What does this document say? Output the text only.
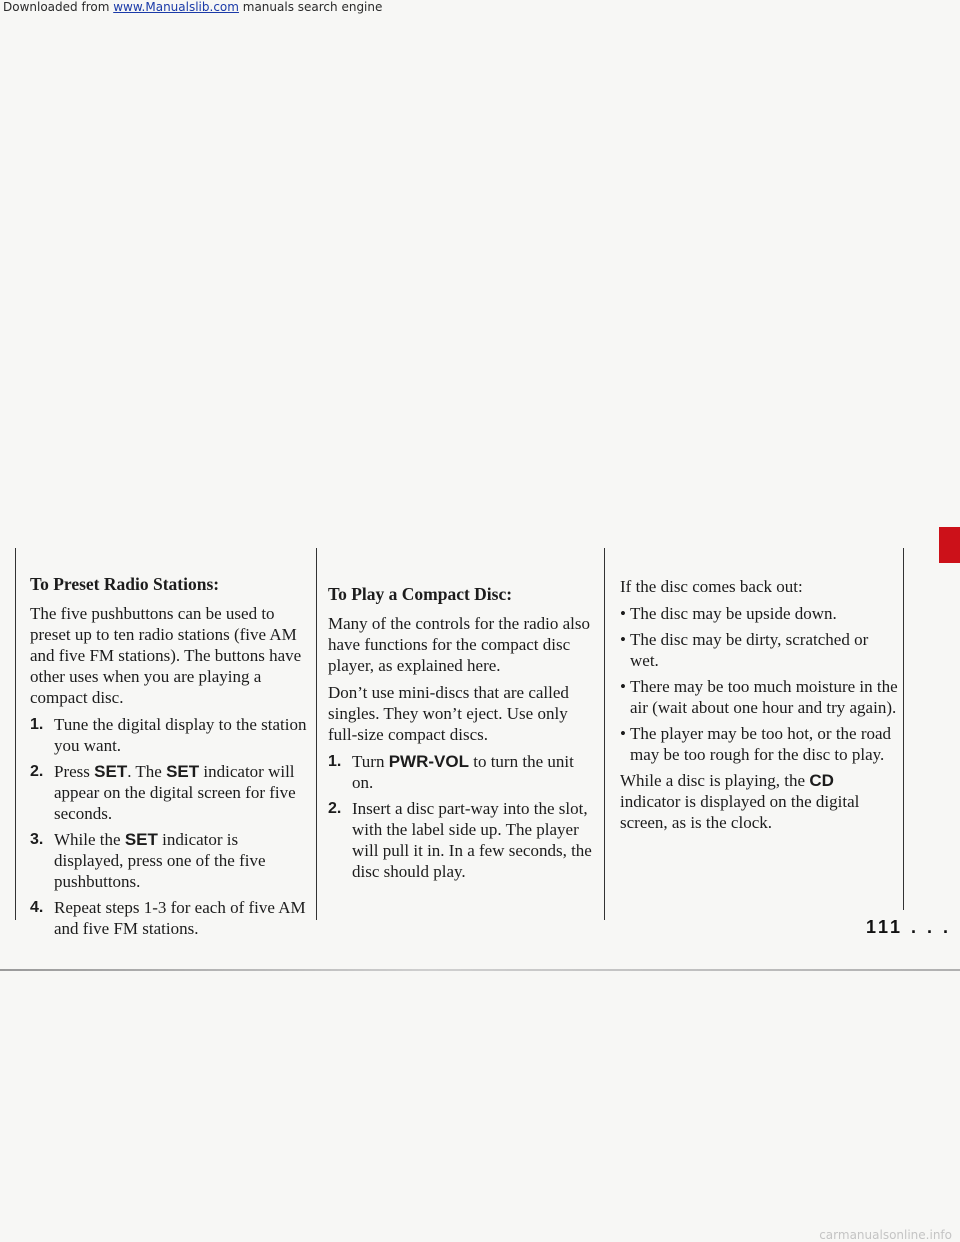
Downloaded from www.Manualslib.com manuals search engine

To Preset Radio Stations:

The five pushbuttons can be used to preset up to ten radio stations (five AM and five FM stations). The buttons have other uses when you are playing a compact disc.

1. Tune the digital display to the station you want.
2. Press SET. The SET indicator will appear on the digital screen for five seconds.
3. While the SET indicator is displayed, press one of the five pushbuttons.
4. Repeat steps 1-3 for each of five AM and five FM stations.

To Play a Compact Disc:

Many of the controls for the radio also have functions for the compact disc player, as explained here.

Don’t use mini-discs that are called singles. They won’t eject. Use only full-size compact discs.

1. Turn PWR-VOL to turn the unit on.
2. Insert a disc part-way into the slot, with the label side up. The player will pull it in. In a few seconds, the disc should play.

If the disc comes back out:

• The disc may be upside down.
• The disc may be dirty, scratched or wet.
• There may be too much moisture in the air (wait about one hour and try again).
• The player may be too hot, or the road may be too rough for the disc to play.

While a disc is playing, the CD indicator is displayed on the digital screen, as is the clock.

111 . . .
carmanualsonline.info
